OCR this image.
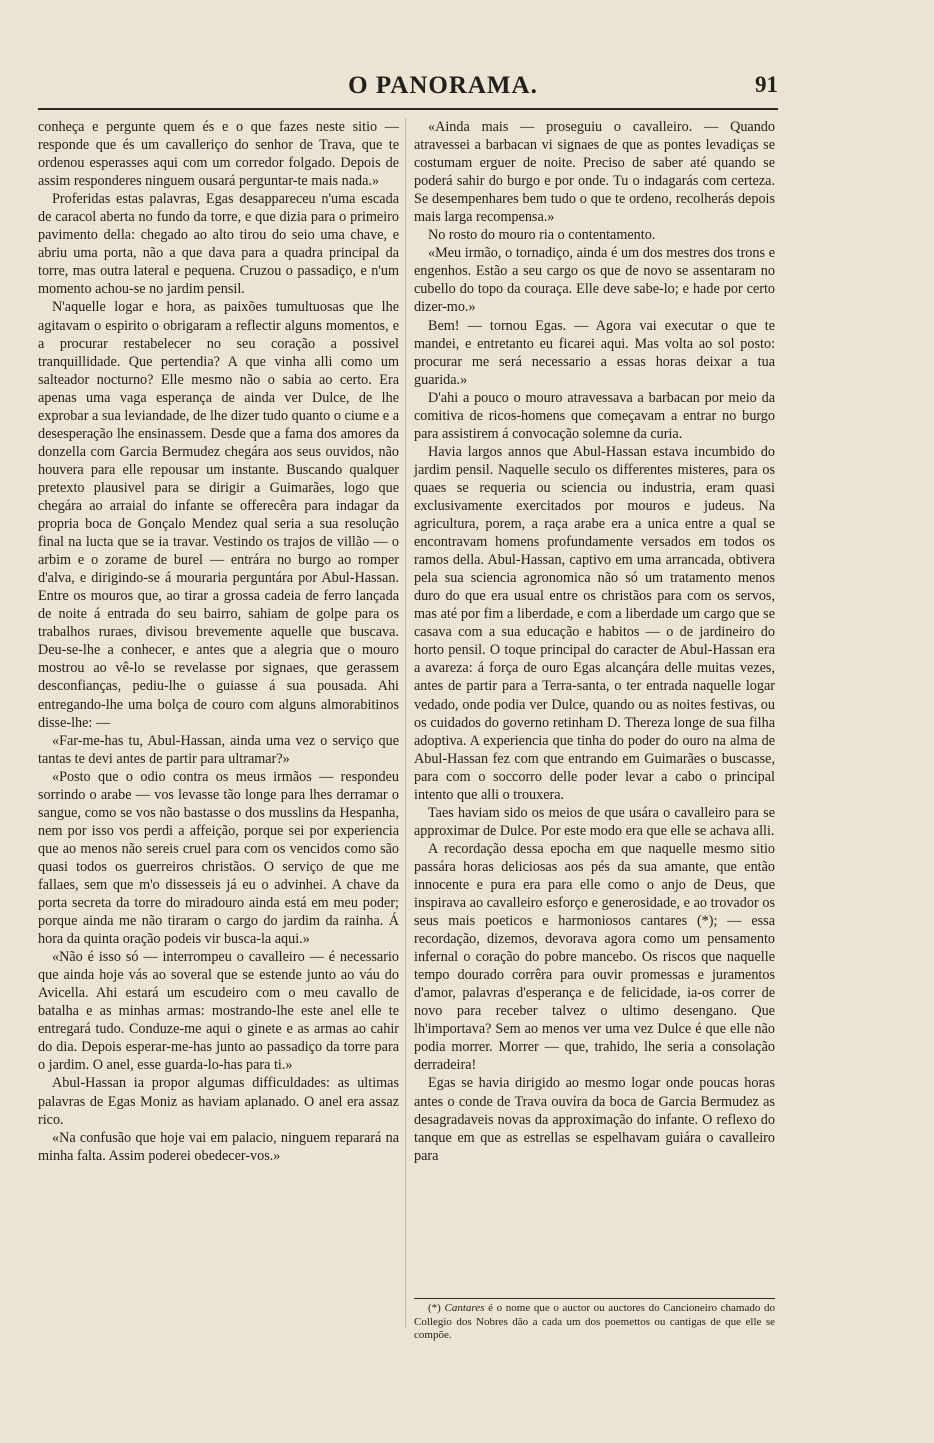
O PANORAMA.	91

conheça e pergunte quem és e o que fazes neste sitio — responde que és um cavalleriço do senhor de Trava, que te ordenou esperasses aqui com um corredor folgado. Depois de assim responderes ninguem ousará perguntar-te mais nada.»

Proferidas estas palavras, Egas desappareceu n'uma escada de caracol aberta no fundo da torre, e que dizia para o primeiro pavimento della: chegado ao alto tirou do seio uma chave, e abriu uma porta, não a que dava para a quadra principal da torre, mas outra lateral e pequena. Cruzou o passadiço, e n'um momento achou-se no jardim pensil.

N'aquelle logar e hora, as paixões tumultuosas que lhe agitavam o espirito o obrigaram a reflectir alguns momentos, e a procurar restabelecer no seu coração a possivel tranquillidade. Que pertendia? A que vinha alli como um salteador nocturno? Elle mesmo não o sabia ao certo. Era apenas uma vaga esperança de ainda ver Dulce, de lhe exprobar a sua leviandade, de lhe dizer tudo quanto o ciume e a desesperação lhe ensinassem. Desde que a fama dos amores da donzella com Garcia Bermudez chegára aos seus ouvidos, não houvera para elle repousar um instante. Buscando qualquer pretexto plausivel para se dirigir a Guimarães, logo que chegára ao arraial do infante se offerecêra para indagar da propria boca de Gonçalo Mendez qual seria a sua resolução final na lucta que se ia travar. Vestindo os trajos de villão — o arbim e o zorame de burel — entrára no burgo ao romper d'alva, e dirigindo-se á mouraria perguntára por Abul-Hassan. Entre os mouros que, ao tirar a grossa cadeia de ferro lançada de noite á entrada do seu bairro, sahiam de golpe para os trabalhos ruraes, divisou brevemente aquelle que buscava. Deu-se-lhe a conhecer, e antes que a alegria que o mouro mostrou ao vê-lo se revelasse por signaes, que gerassem desconfianças, pediu-lhe o guiasse á sua pousada. Ahi entregando-lhe uma bolça de couro com alguns almorabitinos disse-lhe: —

«Far-me-has tu, Abul-Hassan, ainda uma vez o serviço que tantas te devi antes de partir para ultramar?»

«Posto que o odio contra os meus irmãos — respondeu sorrindo o arabe — vos levasse tão longe para lhes derramar o sangue, como se vos não bastasse o dos musslins da Hespanha, nem por isso vos perdi a affeição, porque sei por experiencia que ao menos não sereis cruel para com os vencidos como são quasi todos os guerreiros christãos. O serviço de que me fallaes, sem que m'o dissesseis já eu o advinhei. A chave da porta secreta da torre do miradouro ainda está em meu poder; porque ainda me não tiraram o cargo do jardim da rainha. Á hora da quinta oração podeis vir busca-la aqui.»

«Não é isso só — interrompeu o cavalleiro — é necessario que ainda hoje vás ao soveral que se estende junto ao váu do Avicella. Ahi estará um escudeiro com o meu cavallo de batalha e as minhas armas: mostrando-lhe este anel elle te entregará tudo. Conduze-me aqui o ginete e as armas ao cahir do dia. Depois esperar-me-has junto ao passadiço da torre para o jardim. O anel, esse guarda-lo-has para ti.»

Abul-Hassan ia propor algumas difficuldades: as ultimas palavras de Egas Moniz as haviam aplanado. O anel era assaz rico.

«Na confusão que hoje vai em palacio, ninguem reparará na minha falta. Assim poderei obedecer-vos.»

«Ainda mais — proseguiu o cavalleiro. — Quando atravessei a barbacan vi signaes de que as pontes levadiças se costumam erguer de noite. Preciso de saber até quando se poderá sahir do burgo e por onde. Tu o indagarás com certeza. Se desempenhares bem tudo o que te ordeno, recolherás depois mais larga recompensa.»

No rosto do mouro ria o contentamento.

«Meu irmão, o tornadiço, ainda é um dos mestres dos trons e engenhos. Estão a seu cargo os que de novo se assentaram no cubello do topo da couraça. Elle deve sabe-lo; e hade por certo dizer-mo.»

Bem! — tornou Egas. — Agora vai executar o que te mandei, e entretanto eu ficarei aqui. Mas volta ao sol posto: procurar me será necessario a essas horas deixar a tua guarida.»

D'ahi a pouco o mouro atravessava a barbacan por meio da comitiva de ricos-homens que começavam a entrar no burgo para assistirem á convocação solemne da curia.

Havia largos annos que Abul-Hassan estava incumbido do jardim pensil. Naquelle seculo os differentes misteres, para os quaes se requeria ou sciencia ou industria, eram quasi exclusivamente exercitados por mouros e judeus. Na agricultura, porem, a raça arabe era a unica entre a qual se encontravam homens profundamente versados em todos os ramos della. Abul-Hassan, captivo em uma arrancada, obtivera pela sua sciencia agronomica não só um tratamento menos duro do que era usual entre os christãos para com os servos, mas até por fim a liberdade, e com a liberdade um cargo que se casava com a sua educação e habitos — o de jardineiro do horto pensil. O toque principal do caracter de Abul-Hassan era a avareza: á força de ouro Egas alcançára delle muitas vezes, antes de partir para a Terra-santa, o ter entrada naquelle logar vedado, onde podia ver Dulce, quando ou as noites festivas, ou os cuidados do governo retinham D. Thereza longe de sua filha adoptiva. A experiencia que tinha do poder do ouro na alma de Abul-Hassan fez com que entrando em Guimarães o buscasse, para com o soccorro delle poder levar a cabo o principal intento que alli o trouxera.

Taes haviam sido os meios de que usára o cavalleiro para se approximar de Dulce. Por este modo era que elle se achava alli.

A recordação dessa epocha em que naquelle mesmo sitio passára horas deliciosas aos pés da sua amante, que então innocente e pura era para elle como o anjo de Deus, que inspirava ao cavalleiro esforço e generosidade, e ao trovador os seus mais poeticos e harmoniosos cantares (*); — essa recordação, dizemos, devorava agora como um pensamento infernal o coração do pobre mancebo. Os riscos que naquelle tempo dourado corrêra para ouvir promessas e juramentos d'amor, palavras d'esperança e de felicidade, ia-os correr de novo para receber talvez o ultimo desengano. Que lh'importava? Sem ao menos ver uma vez Dulce é que elle não podia morrer. Morrer — que, trahido, lhe seria a consolação derradeira!

Egas se havia dirigido ao mesmo logar onde poucas horas antes o conde de Trava ouvíra da boca de Garcia Bermudez as desagradaveis novas da approximação do infante. O reflexo do tanque em que as estrellas se espelhavam guiára o cavalleiro para

(*) Cantares é o nome que o auctor ou auctores do Cancioneiro chamado do Collegio dos Nobres dão a cada um dos poemettos ou cantigas de que elle se compõe.
